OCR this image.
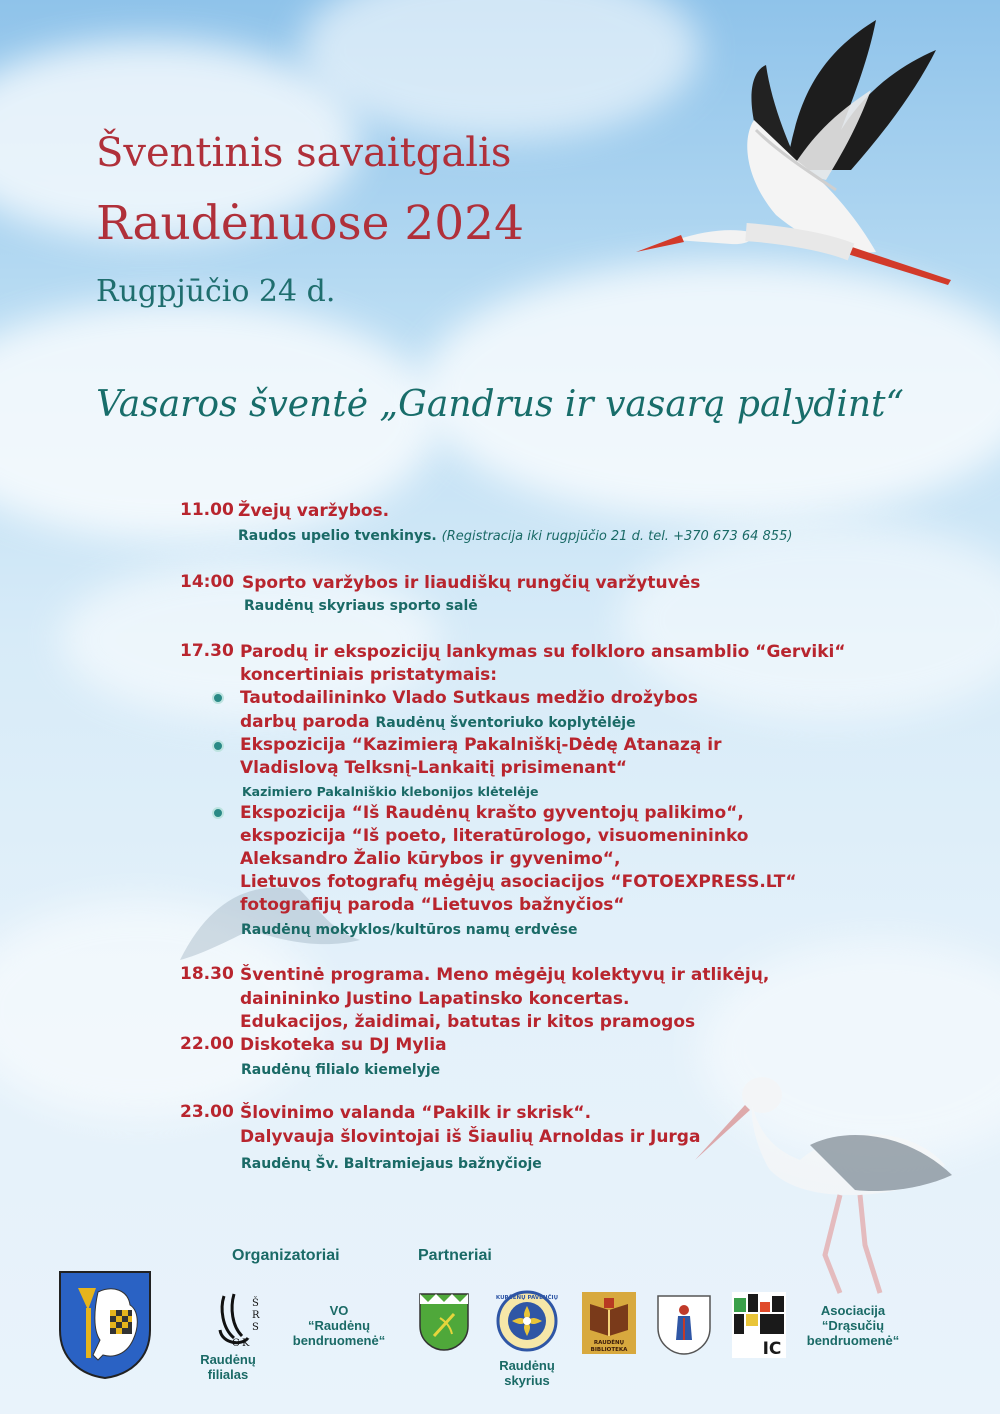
Šventinis savaitgalis
Raudėnuose 2024
Rugpjūčio 24 d.
Vasaros šventė „Gandrus ir vasarą palydint“
11.00 Žvejų varžybos.
Raudos upelio tvenkinys. (Registracija iki rugpjūčio 21 d. tel. +370 673 64 855)
14:00 Sporto varžybos ir liaudiškų rungčių varžytuvės
Raudėnų skyriaus sporto salė
17.30 Parodų ir ekspozicijų lankymas su folkloro ansamblio “Gerviki“
koncertiniais pristatymais:
Tautodailininko Vlado Sutkaus medžio drožybos
darbų paroda Raudėnų šventoriuko koplytėlėje
Ekspozicija “Kazimierą Pakalniškį-Dėdę Atanazą ir
Vladislovą Telksnį-Lankaitį prisimenant“
Kazimiero Pakalniškio klebonijos klėtelėje
Ekspozicija “Iš Raudėnų krašto gyventojų palikimo“,
ekspozicija “Iš poeto, literatūrologo, visuomenininko
Aleksandro Žalio kūrybos ir gyvenimo“,
Lietuvos fotografų mėgėjų asociacijos “FOTOEXPRESS.LT“
fotografijų paroda “Lietuvos bažnyčios“
Raudėnų mokyklos/kultūros namų erdvėse
18.30 Šventinė programa. Meno mėgėjų kolektyvų ir atlikėjų,
dainininko Justino Lapatinsko koncertas.
Edukacijos, žaidimai, batutas ir kitos pramogos
22.00 Diskoteka su DJ Mylia
Raudėnų filialo kiemelyje
23.00 Šlovinimo valanda “Pakilk ir skrisk“.
Dalyvauja šlovintojai iš Šiaulių Arnoldas ir Jurga
Raudėnų Šv. Baltramiejaus bažnyčioje
Organizatoriai	Partneriai
Š
R
S
C K
Raudėnų
filialas
VO
“Raudėnų
bendruomenė“
KURŠĖNŲ PAVENČIŲ
Raudėnų
skyrius
RAUDĖNŲ
BIBLIOTEKA	IC
Asociacija
“Drąsučių
bendruomenė“
